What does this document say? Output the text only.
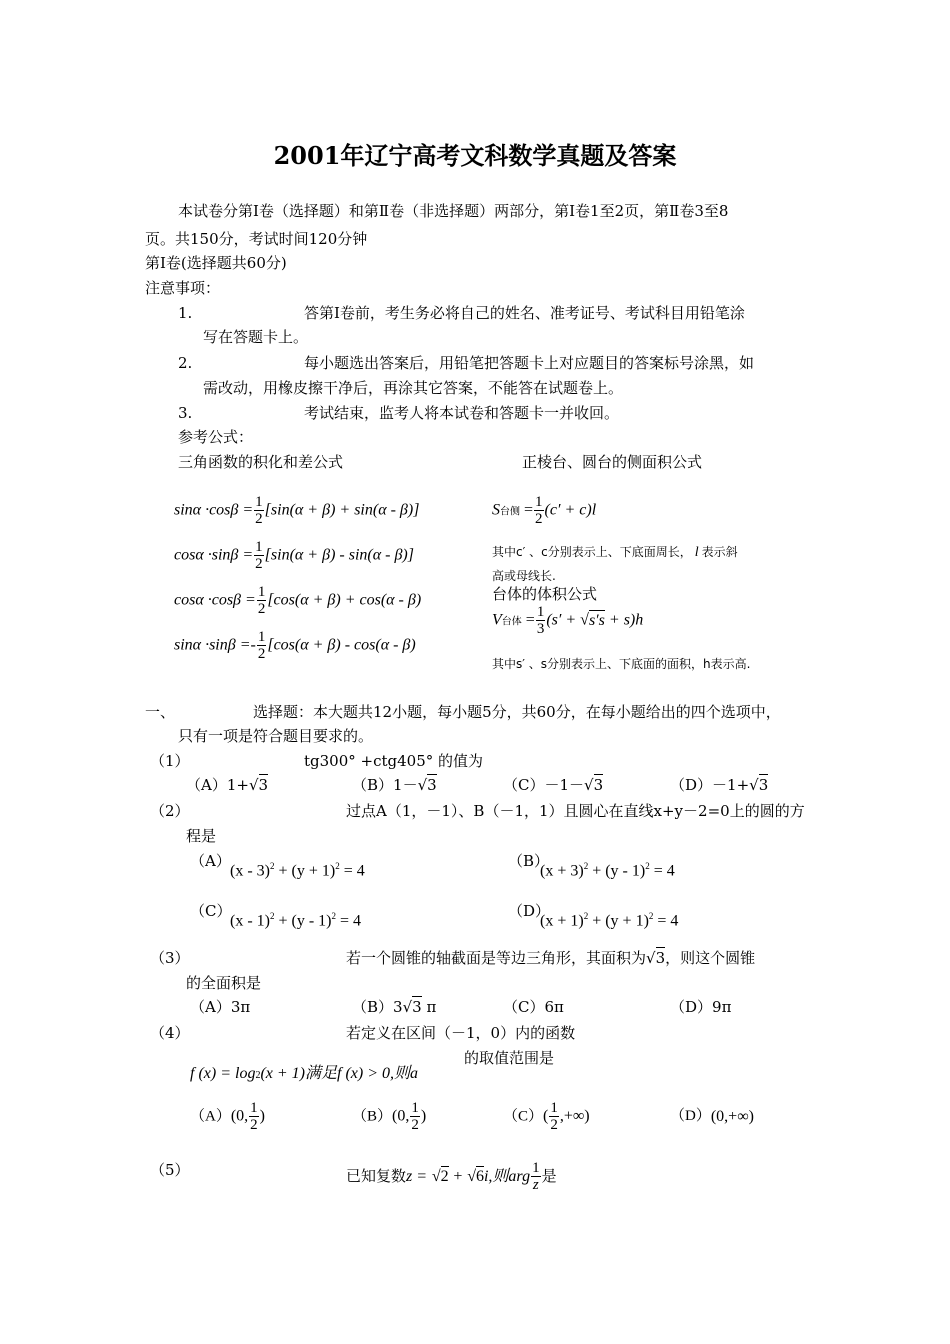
2001年辽宁高考文科数学真题及答案
本试卷分第Ⅰ卷（选择题）和第Ⅱ卷（非选择题）两部分，第Ⅰ卷1至2页，第Ⅱ卷3至8
页。共150分，考试时间120分钟
第Ⅰ卷(选择题共60分)
注意事项：
1.	答第Ⅰ卷前，考生务必将自己的姓名、准考证号、考试科目用铅笔涂
写在答题卡上。
2.	每小题选出答案后，用铅笔把答题卡上对应题目的答案标号涂黑，如
需改动，用橡皮擦干净后，再涂其它答案，不能答在试题卷上。
3.	考试结束，监考人将本试卷和答题卡一并收回。
参考公式：
三角函数的积化和差公式	正棱台、圆台的侧面积公式
$\sin\alpha \cdot\cos\beta = \frac{1}{2} [\sin(\alpha + \beta) + \sin(\alpha - \beta)]$
$\cos\alpha \cdot\sin\beta = \frac{1}{2} [\sin(\alpha + \beta) - \sin(\alpha - \beta)]$
$\cos\alpha \cdot\cos\beta = \frac{1}{2} [\cos(\alpha + \beta) + \cos(\alpha - \beta)$
$\sin\alpha \cdot\sin\beta =- \frac{1}{2} [\cos(\alpha + \beta) - \cos(\alpha - \beta)$
S台侧 = $\frac{1}{2} (c' + c)l$
其中c′ 、c分别表示上、下底面周长， l 表示斜
高或母线长.
台体的体积公式
V台体 = $\frac{1}{3} (s' + √s's + s)h$
其中s′ 、s分别表示上、下底面的面积，h表示高.
一、	选择题：本大题共12小题，每小题5分，共60分，在每小题给出的四个选项中，
只有一项是符合题目要求的。
（1）	tg300° +ctg405° 的值为
（A）1+√3	（B）1－√3	（C）－1－√3	（D）－1+√3
（2）	过点A（1，－1）、B（－1，1）且圆心在直线x+y－2=0上的圆的方
程是
（A）
$(x - 3)^2 + (y + 1)^2 = 4$
（B）
$(x + 3)^2 + (y - 1)^2 = 4$
（C）
(x - 1)$^2$ + (y - 1)$^2$ = 4
（D）
$(x + 1)^2 + (y + 1)^2 = 4$
（3）	若一个圆锥的轴截面是等边三角形，其面积为√3，则这个圆锥
的全面积是
（A）3π	（B）3√3 π	（C）6π	（D）9π
（4）	若定义在区间（－1，0）内的函数
f (x) = log2(x + 1)满足f (x) > 0,则a
的取值范围是
（A）(0, $\frac{1}{2}$ )	（B）(0, $\frac{1}{2}$ )	$(C)( \frac{1}{2}$ ,+∞)	（D）(0,+∞)
（5）	已知复数z = √2 + √6i,则arg $\frac{1}{z}$ 是
